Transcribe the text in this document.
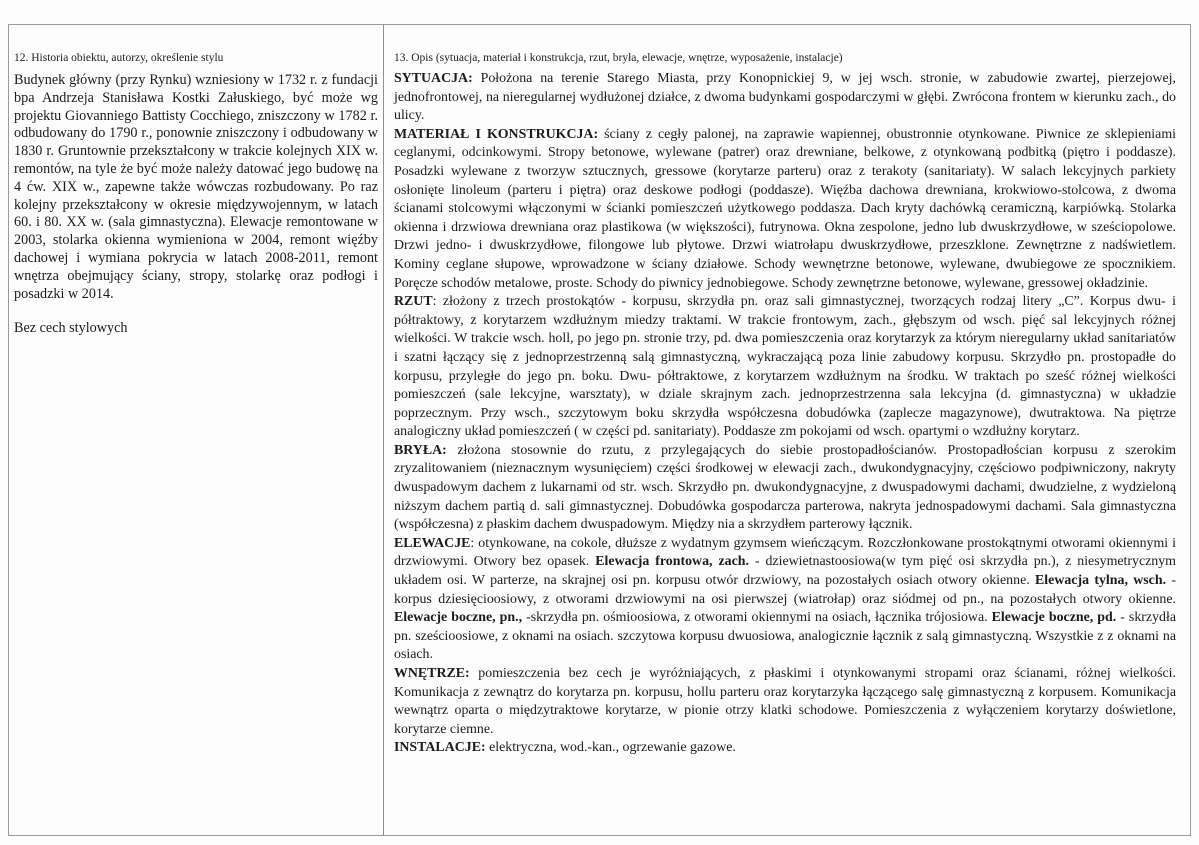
12. Historia obiektu, autorzy, określenie stylu

Budynek główny (przy Rynku) wzniesiony w 1732 r. z fundacji bpa Andrzeja Stanisława Kostki Załuskiego, być może wg projektu Giovanniego Battisty Cocchiego, zniszczony w 1782 r. odbudowany do 1790 r., ponownie zniszczony i odbudowany w 1830 r. Gruntownie przekształcony w trakcie kolejnych XIX w. remontów, na tyle że być może należy datować jego budowę na 4 ćw. XIX w., zapewne także wówczas rozbudowany. Po raz kolejny przekształcony w okresie międzywojennym, w latach 60. i 80. XX w. (sala gimnastyczna). Elewacje remontowane w 2003, stolarka okienna wymieniona w 2004, remont więźby dachowej i wymiana pokrycia w latach 2008-2011, remont wnętrza obejmujący ściany, stropy, stolarkę oraz podłogi i posadzki w 2014.

Bez cech stylowych

13. Opis (sytuacja, materiał i konstrukcja, rzut, bryła, elewacje, wnętrze, wyposażenie, instalacje)

SYTUACJA: Położona na terenie Starego Miasta, przy Konopnickiej 9, w jej wsch. stronie, w zabudowie zwartej, pierzejowej, jednofrontowej, na nieregularnej wydłużonej działce, z dwoma budynkami gospodarczymi w głębi. Zwrócona frontem w kierunku zach., do ulicy.

MATERIAŁ I KONSTRUKCJA: ściany z cegły palonej, na zaprawie wapiennej, obustronnie otynkowane. Piwnice ze sklepieniami ceglanymi, odcinkowymi. Stropy betonowe, wylewane (patrer) oraz drewniane, belkowe, z otynkowaną podbitką (piętro i poddasze). Posadzki wylewane z tworzyw sztucznych, gressowe (korytarze parteru) oraz z terakoty (sanitariaty). W salach lekcyjnych parkiety osłonięte linoleum (parteru i piętra) oraz deskowe podłogi (poddasze). Więźba dachowa drewniana, krokwiowo-stolcowa, z dwoma ścianami stolcowymi włączonymi w ścianki pomieszczeń użytkowego poddasza. Dach kryty dachówką ceramiczną, karpiówką. Stolarka okienna i drzwiowa drewniana oraz plastikowa (w większości), futrynowa. Okna zespolone, jedno lub dwuskrzydłowe, w sześciopolowe. Drzwi jedno- i dwuskrzydłowe, filongowe lub płytowe. Drzwi wiatrołapu dwuskrzydłowe, przeszklone. Zewnętrzne z nadświetlem. Kominy ceglane słupowe, wprowadzone w ściany działowe. Schody wewnętrzne betonowe, wylewane, dwubiegowe ze spocznikiem. Poręcze schodów metalowe, proste. Schody do piwnicy jednobiegowe. Schody zewnętrzne betonowe, wylewane, gressowej okładzinie.

RZUT: złożony z trzech prostokątów - korpusu, skrzydła pn. oraz sali gimnastycznej, tworzących rodzaj litery „C”. Korpus dwu- i półtraktowy, z korytarzem wzdłużnym miedzy traktami. W trakcie frontowym, zach., głębszym od wsch. pięć sal lekcyjnych różnej wielkości. W trakcie wsch. holl, po jego pn. stronie trzy, pd. dwa pomieszczenia oraz korytarzyk za którym nieregularny układ sanitariatów i szatni łączący się z jednoprzestrzenną salą gimnastyczną, wykraczającą poza linie zabudowy korpusu. Skrzydło pn. prostopadłe do korpusu, przyległe do jego pn. boku. Dwu- półtraktowe, z korytarzem wzdłużnym na środku. W traktach po sześć różnej wielkości pomieszczeń (sale lekcyjne, warsztaty), w dziale skrajnym zach. jednoprzestrzenna sala lekcyjna (d. gimnastyczna) w układzie poprzecznym. Przy wsch., szczytowym boku skrzydła współczesna dobudówka (zaplecze magazynowe), dwutraktowa. Na piętrze analogiczny układ pomieszczeń ( w części pd. sanitariaty). Poddasze zm pokojami od wsch. opartymi o wzdłużny korytarz.

BRYŁA: złożona stosownie do rzutu, z przylegających do siebie prostopadłościanów. Prostopadłościan korpusu z szerokim zryzalitowaniem (nieznacznym wysunięciem) części środkowej w elewacji zach., dwukondygnacyjny, częściowo podpiwniczony, nakryty dwuspadowym dachem z lukarnami od str. wsch. Skrzydło pn. dwukondygnacyjne, z dwuspadowymi dachami, dwudzielne, z wydzieloną niższym dachem partią d. sali gimnastycznej. Dobudówka gospodarcza parterowa, nakryta jednospadowymi dachami. Sala gimnastyczna (współczesna) z płaskim dachem dwuspadowym. Między nia a skrzydłem parterowy łącznik.

ELEWACJE: otynkowane, na cokole, dłuższe z wydatnym gzymsem wieńczącym. Rozczłonkowane prostokątnymi otworami okiennymi i drzwiowymi. Otwory bez opasek. Elewacja frontowa, zach. - dziewietnastoosiowa(w tym pięć osi skrzydła pn.), z niesymetrycznym układem osi. W parterze, na skrajnej osi pn. korpusu otwór drzwiowy, na pozostałych osiach otwory okienne. Elewacja tylna, wsch. - korpus dziesięcioosiowy, z otworami drzwiowymi na osi pierwszej (wiatrołap) oraz siódmej od pn., na pozostałych otwory okienne. Elewacje boczne, pn., -skrzydła pn. ośmioosiowa, z otworami okiennymi na osiach, łącznika trójosiowa. Elewacje boczne, pd. - skrzydła pn. sześcioosiowe, z oknami na osiach. szczytowa korpusu dwuosiowa, analogicznie łącznik z salą gimnastyczną. Wszystkie z z oknami na osiach.

WNĘTRZE: pomieszczenia bez cech je wyróżniających, z płaskimi i otynkowanymi stropami oraz ścianami, różnej wielkości. Komunikacja z zewnątrz do korytarza pn. korpusu, hollu parteru oraz korytarzyka łączącego salę gimnastyczną z korpusem. Komunikacja wewnątrz oparta o międzytraktowe korytarze, w pionie otrzy klatki schodowe. Pomieszczenia z wyłączeniem korytarzy doświetlone, korytarze ciemne.

INSTALACJE: elektryczna, wod.-kan., ogrzewanie gazowe.
